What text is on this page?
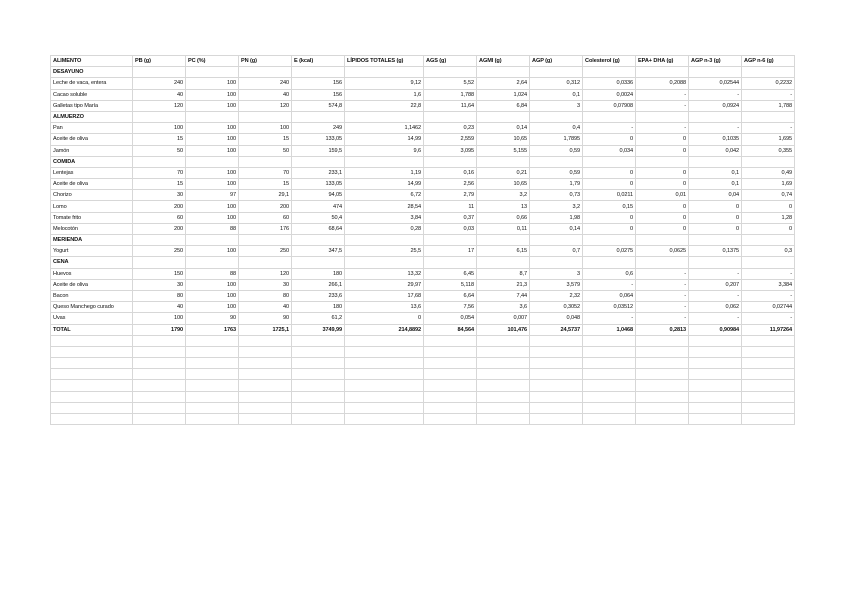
ALIMENTO	PB (g)	PC (%)	PN (g)	E (kcal)	LÍPIDOS TOTALES (g)	AGS (g)	AGMI (g)	AGP (g)	Colesterol (g)	EPA+ DHA (g)	AGP n-3 (g)	AGP n-6 (g)
DESAYUNO												
Leche de vaca, entera	240	100	240	156	9,12	5,52	2,64	0,312	0,0336	0,2088	0,02544	0,2232
Cacao soluble	40	100	40	156	1,6	1,788	1,024	0,1	0,0024	-	-	-
Galletas tipo María	120	100	120	574,8	22,8	11,64	6,84	3	0,07908	-	0,0924	1,788
ALMUERZO												
Pan	100	100	100	249	1,1462	0,23	0,14	0,4	-	-	-	-
Aceite de oliva	15	100	15	133,05	14,99	2,559	10,65	1,7895	0	0	0,1035	1,695
Jamón	50	100	50	159,5	9,6	3,095	5,155	0,59	0,034	0	0,042	0,355
COMIDA												
Lentejas	70	100	70	233,1	1,19	0,16	0,21	0,59	0	0	0,1	0,49
Aceite de oliva	15	100	15	133,05	14,99	2,56	10,65	1,79	0	0	0,1	1,69
Chorizo	30	97	29,1	94,05	6,72	2,79	3,2	0,73	0,0211	0,01	0,04	0,74
Lomo	200	100	200	474	28,54	11	13	3,2	0,15	0	0	0
Tomate frito	60	100	60	50,4	3,84	0,37	0,66	1,98	0	0	0	1,28
Melocotón	200	88	176	68,64	0,28	0,03	0,11	0,14	0	0	0	0
MERIENDA												
Yogurt	250	100	250	347,5	25,5	17	6,15	0,7	0,0275	0,0625	0,1375	0,3
CENA												
Huevos	150	88	120	180	13,32	6,45	8,7	3	0,6	-	-	-
Aceite de oliva	30	100	30	266,1	29,97	5,118	21,3	3,579	-	-	0,207	3,384
Bacon	80	100	80	233,6	17,68	6,64	7,44	2,32	0,064	-	-	-
Queso Manchego curado	40	100	40	180	13,6	7,56	3,6	0,3052	0,03512	-	0,062	0,02744
Uvas	100	90	90	61,2	0	0,054	0,007	0,048	-	-	-	-
TOTAL	1790	1763	1725,1	3749,99	214,8892	84,564	101,476	24,5737	1,0468	0,2813	0,90984	11,97264
